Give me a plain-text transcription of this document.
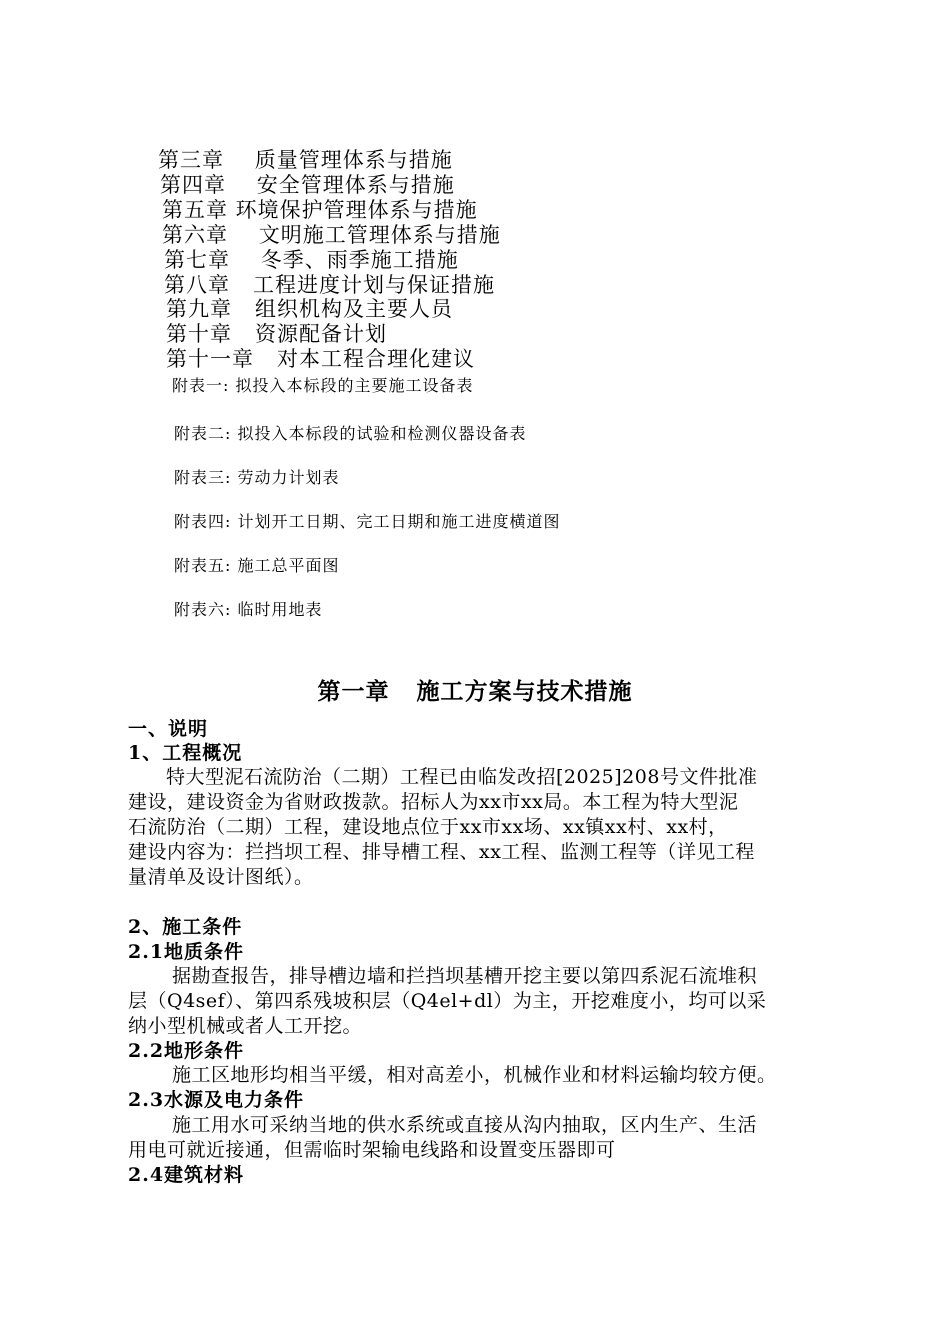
第三章    质量管理体系与措施
第四章    安全管理体系与措施
第五章 环境保护管理体系与措施
第六章    文明施工管理体系与措施
第七章    冬季、雨季施工措施
第八章   工程进度计划与保证措施
第九章   组织机构及主要人员
第十章   资源配备计划
第十一章   对本工程合理化建议
附表一: 拟投入本标段的主要施工设备表
附表二: 拟投入本标段的试验和检测仪器设备表
附表三: 劳动力计划表
附表四: 计划开工日期、完工日期和施工进度横道图
附表五: 施工总平面图
附表六: 临时用地表
第一章   施工方案与技术措施
一、说明
1、工程概况
特大型泥石流防治（二期）工程已由临发改招[2025]208号文件批准
建设，建设资金为省财政拨款。招标人为xx市xx局。本工程为特大型泥
石流防治（二期）工程，建设地点位于xx市xx场、xx镇xx村、xx村，
建设内容为：拦挡坝工程、排导槽工程、xx工程、监测工程等（详见工程
量清单及设计图纸）。
2、施工条件
2.1地质条件
据勘查报告，排导槽边墙和拦挡坝基槽开挖主要以第四系泥石流堆积
层（Q4sef）、第四系残坡积层（Q4el+dl）为主，开挖难度小，均可以采
纳小型机械或者人工开挖。
2.2地形条件
施工区地形均相当平缓，相对高差小，机械作业和材料运输均较方便。
2.3水源及电力条件
施工用水可采纳当地的供水系统或直接从沟内抽取，区内生产、生活
用电可就近接通，但需临时架输电线路和设置变压器即可
2.4建筑材料
